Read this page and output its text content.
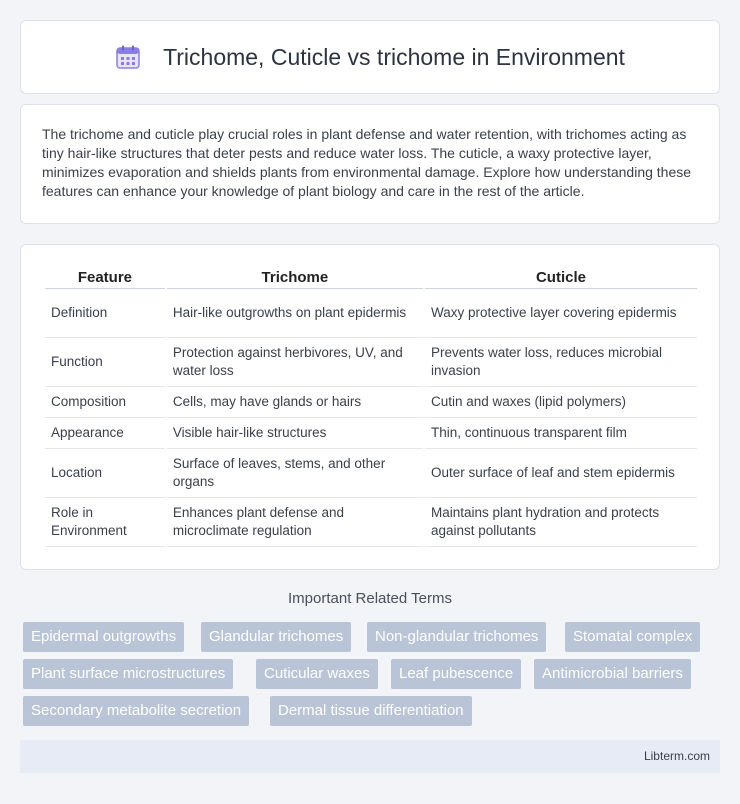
Trichome, Cuticle vs trichome in Environment

The trichome and cuticle play crucial roles in plant defense and water retention, with trichomes acting as tiny hair-like structures that deter pests and reduce water loss. The cuticle, a waxy protective layer, minimizes evaporation and shields plants from environmental damage. Explore how understanding these features can enhance your knowledge of plant biology and care in the rest of the article.

Feature	Trichome	Cuticle
Definition	Hair-like outgrowths on plant epidermis	Waxy protective layer covering epidermis
Function	Protection against herbivores, UV, and water loss	Prevents water loss, reduces microbial invasion
Composition	Cells, may have glands or hairs	Cutin and waxes (lipid polymers)
Appearance	Visible hair-like structures	Thin, continuous transparent film
Location	Surface of leaves, stems, and other organs	Outer surface of leaf and stem epidermis
Role in Environment	Enhances plant defense and microclimate regulation	Maintains plant hydration and protects against pollutants
Important Related Terms
Epidermal outgrowths	Glandular trichomes	Non-glandular trichomes	Stomatal complex
Plant surface microstructures	Cuticular waxes	Leaf pubescence	Antimicrobial barriers
Secondary metabolite secretion	Dermal tissue differentiation
Libterm.com
